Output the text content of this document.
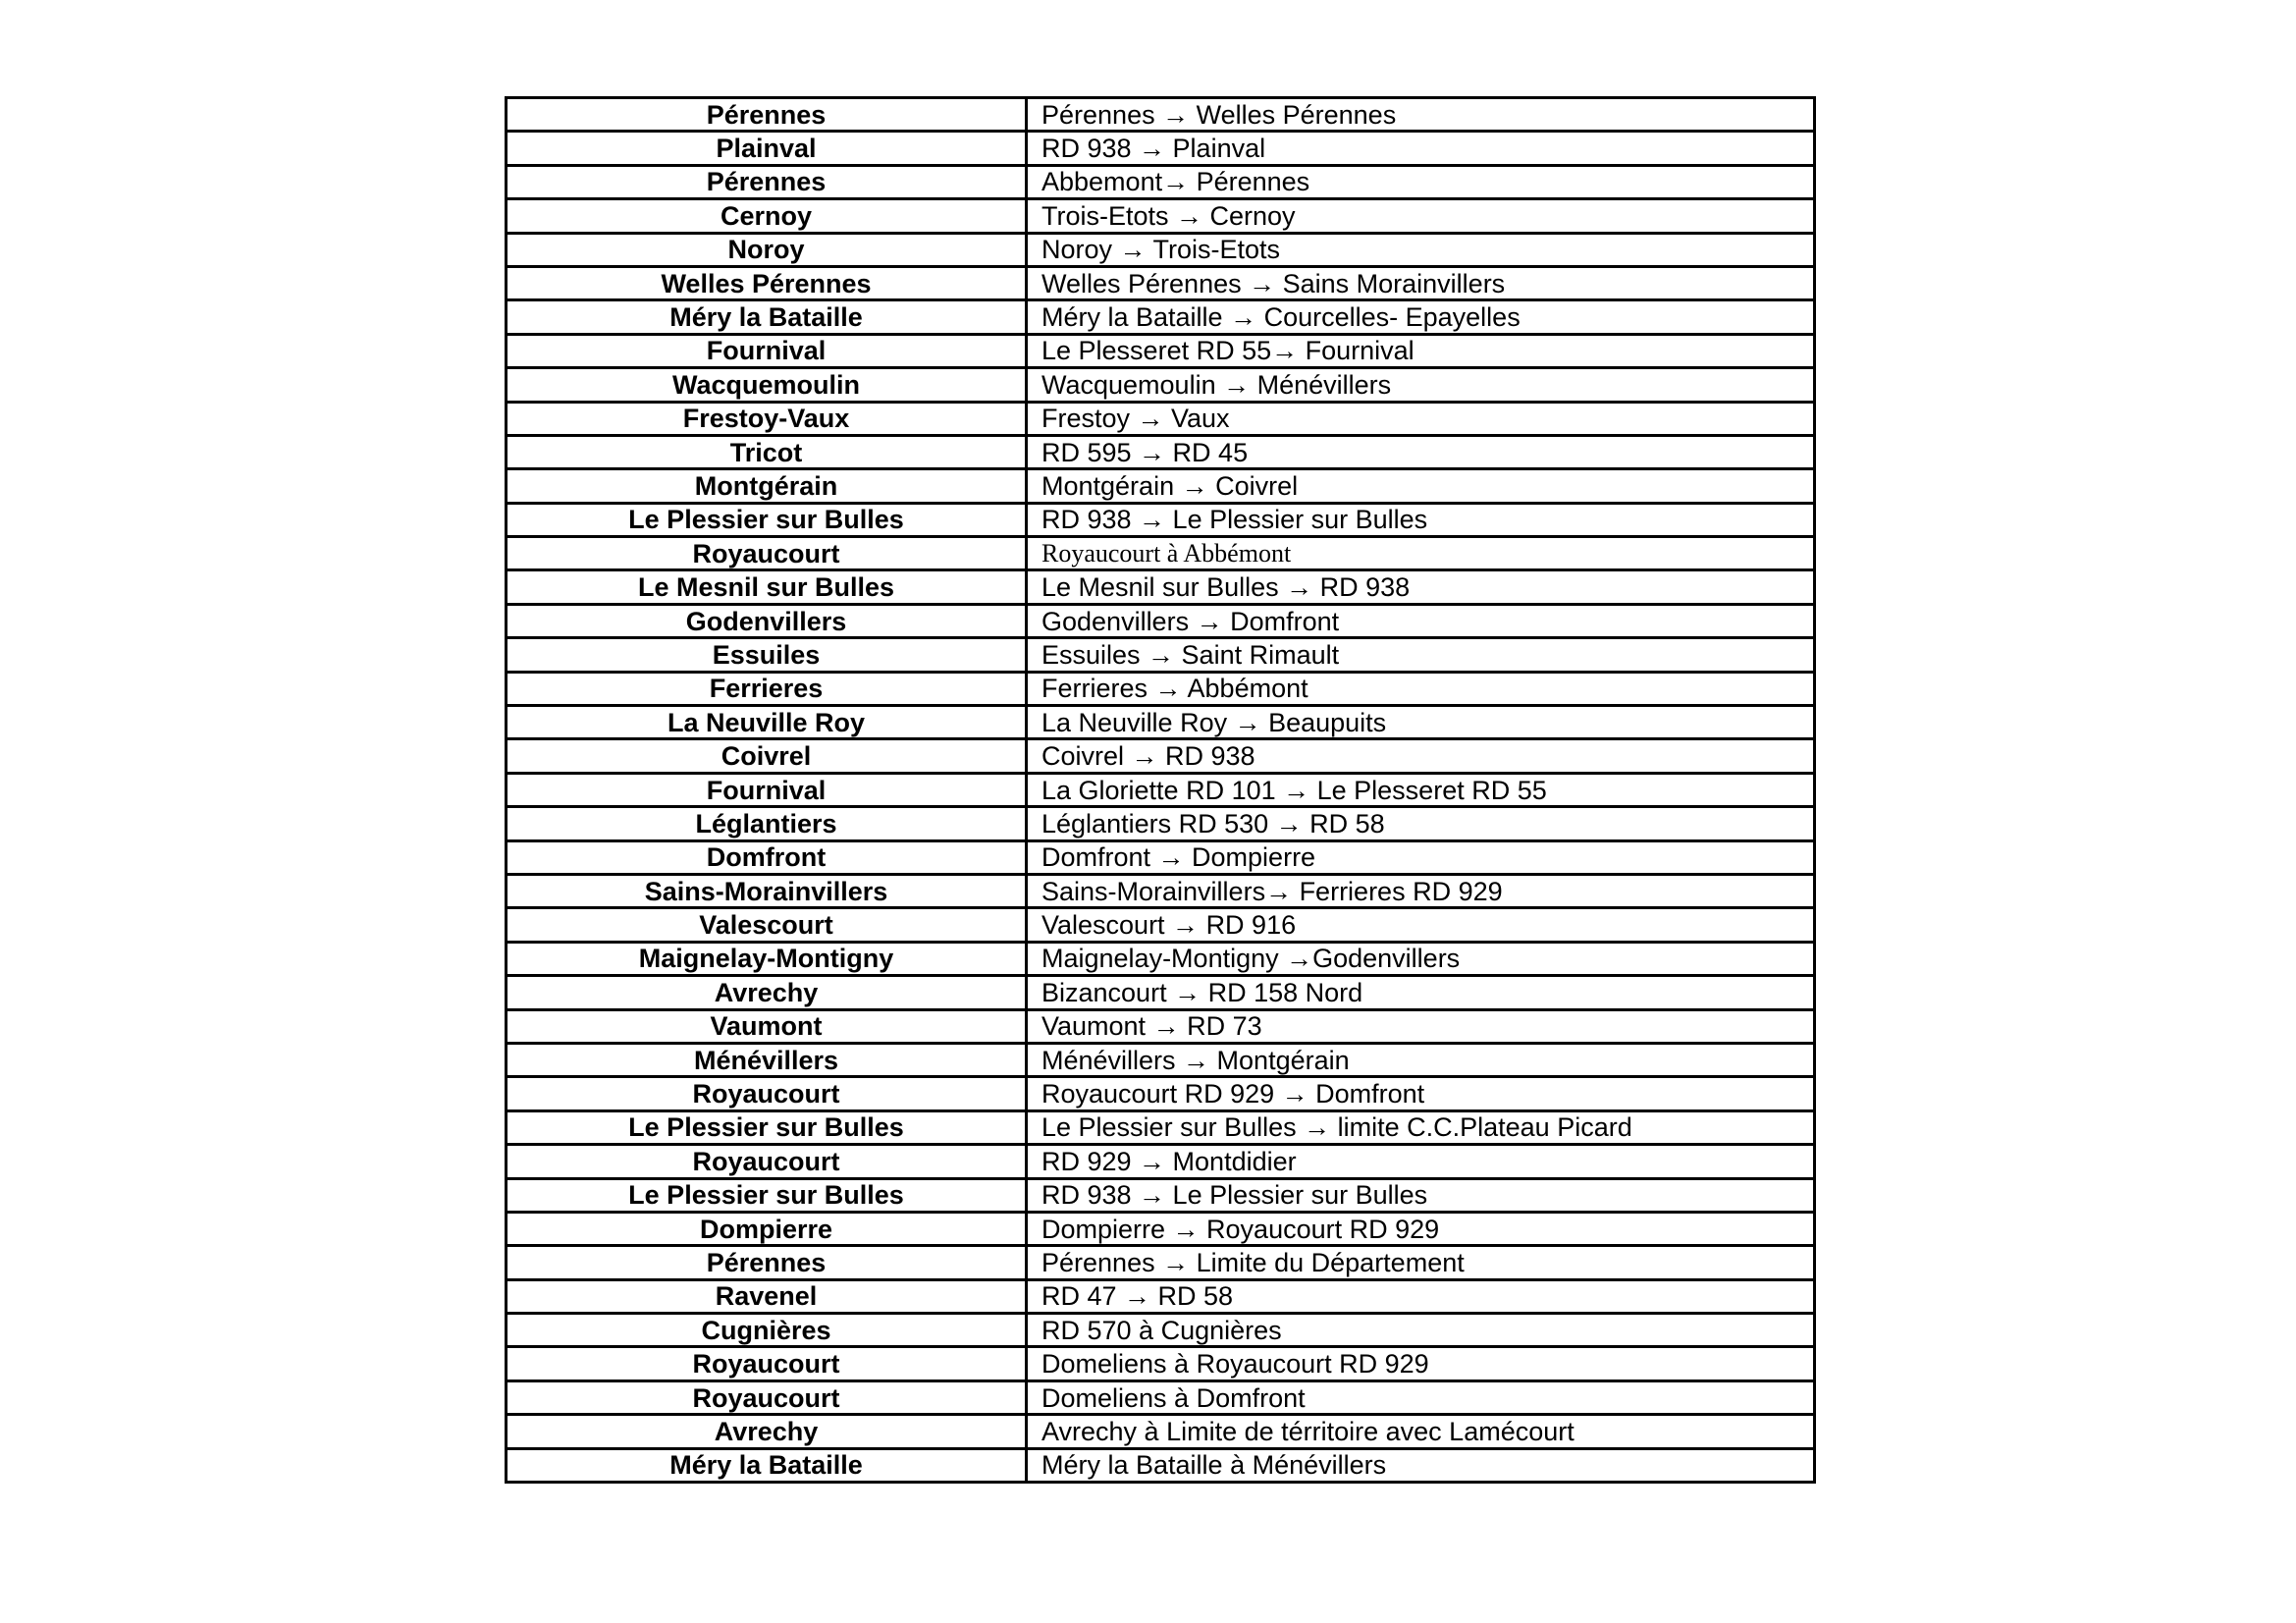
Pérennes	Pérennes → Welles Pérennes
Plainval	RD 938 → Plainval
Pérennes	Abbemont→ Pérennes
Cernoy	Trois-Etots → Cernoy
Noroy	Noroy → Trois-Etots
Welles Pérennes	Welles Pérennes → Sains Morainvillers
Méry la Bataille	Méry la Bataille → Courcelles- Epayelles
Fournival	Le Plesseret RD 55→ Fournival
Wacquemoulin	Wacquemoulin → Ménévillers
Frestoy-Vaux	Frestoy → Vaux
Tricot	RD 595 → RD 45
Montgérain	Montgérain → Coivrel
Le Plessier sur Bulles	RD 938 → Le Plessier sur Bulles
Royaucourt	Royaucourt à Abbémont
Le Mesnil sur Bulles	Le Mesnil sur Bulles → RD 938
Godenvillers	Godenvillers → Domfront
Essuiles	Essuiles → Saint Rimault
Ferrieres	Ferrieres → Abbémont
La Neuville Roy	La Neuville Roy → Beaupuits
Coivrel	Coivrel → RD 938
Fournival	La Gloriette RD 101 → Le Plesseret RD 55
Léglantiers	Léglantiers RD 530 → RD 58
Domfront	Domfront → Dompierre
Sains-Morainvillers	Sains-Morainvillers→ Ferrieres RD 929
Valescourt	Valescourt → RD 916
Maignelay-Montigny	Maignelay-Montigny →Godenvillers
Avrechy	Bizancourt → RD 158 Nord
Vaumont	Vaumont → RD 73
Ménévillers	Ménévillers → Montgérain
Royaucourt	Royaucourt RD 929 → Domfront
Le Plessier sur Bulles	Le Plessier sur Bulles → limite C.C.Plateau Picard
Royaucourt	RD 929 → Montdidier
Le Plessier sur Bulles	RD 938 → Le Plessier sur Bulles
Dompierre	Dompierre → Royaucourt RD 929
Pérennes	Pérennes → Limite du Département
Ravenel	RD 47 → RD 58
Cugnières	RD 570 à Cugnières
Royaucourt	Domeliens à Royaucourt RD 929
Royaucourt	Domeliens à Domfront
Avrechy	Avrechy à Limite de térritoire avec Lamécourt
Méry la Bataille	Méry la Bataille à Ménévillers
